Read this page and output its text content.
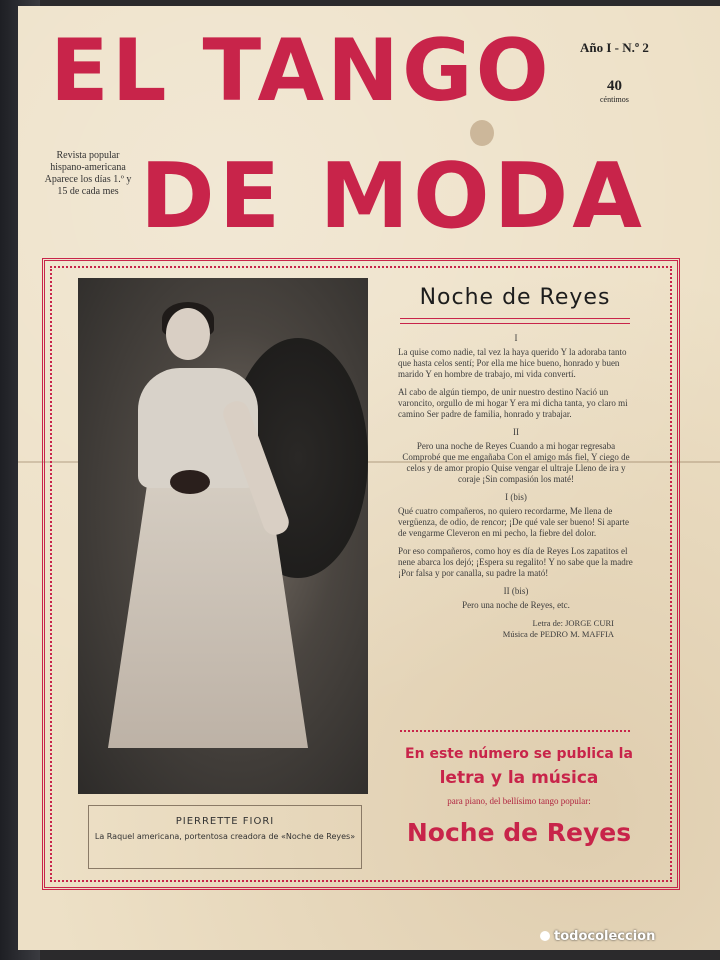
EL TANGO
DE MODA
Año I - N.º 2
40
céntimos
Revista popular hispano-americana Aparece los días 1.º y 15 de cada mes
PIERRETTE FIORI
La Raquel americana, portentosa creadora de «Noche de Reyes»
Noche de Reyes
I
La quise como nadie, tal vez la haya querido Y la adoraba tanto que hasta celos sentí; Por ella me hice bueno, honrado y buen marido Y en hombre de trabajo, mi vida convertí.
Al cabo de algún tiempo, de unir nuestro destino Nació un varoncito, orgullo de mi hogar Y era mi dicha tanta, yo claro mi camino Ser padre de familia, honrado y trabajar.
II
Pero una noche de Reyes Cuando a mi hogar regresaba Comprobé que me engañaba Con el amigo más fiel, Y ciego de celos y de amor propio Quise vengar el ultraje Lleno de ira y coraje ¡Sin compasión los maté!
I (bis)
Qué cuatro compañeros, no quiero recordarme, Me llena de vergüenza, de odio, de rencor; ¡De qué vale ser bueno! Si aparte de vengarme Cleveron en mi pecho, la fiebre del dolor.
Por eso compañeros, como hoy es día de Reyes Los zapatitos el nene abarca los dejó; ¡Espera su regalito! Y no sabe que la madre ¡Por falsa y por canalla, su padre la mató!
II (bis)
Pero una noche de Reyes, etc.
Letra de: JORGE CURI
Música de PEDRO M. MAFFIA
En este número se publica la
letra y la música
para piano, del bellísimo tango popular:
Noche de Reyes
todocoleccion
